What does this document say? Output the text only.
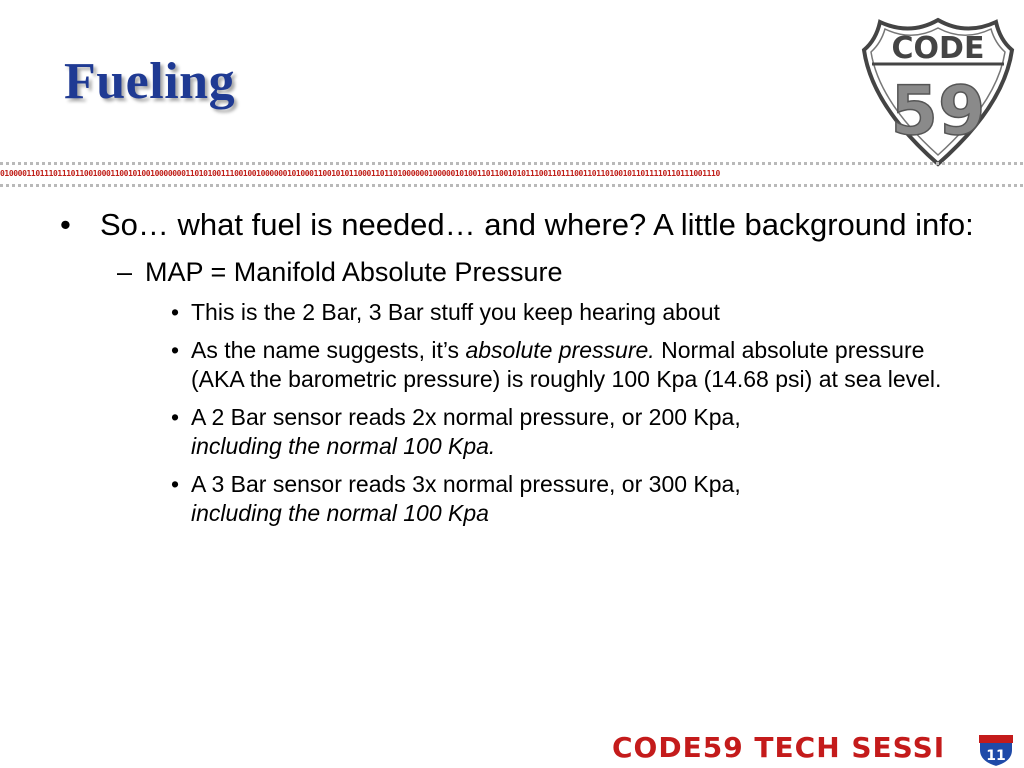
Fueling
CODE
59
0100001101110111011001000110010100100000001101010011100100100000010100011001010110001101101000000100000101001101100101011100110111001101101001011011110110111001110
• So… what fuel is needed… and where? A little background info:
– MAP = Manifold Absolute Pressure
• This is the 2 Bar, 3 Bar stuff you keep hearing about
• As the name suggests, it’s absolute pressure. Normal absolute pressure (AKA the barometric pressure) is roughly 100 Kpa (14.68 psi) at sea level.
• A 2 Bar sensor reads 2x normal pressure, or 200 Kpa,
including the normal 100 Kpa.
• A 3 Bar sensor reads 3x normal pressure, or 300 Kpa,
including the normal 100 Kpa
CODE59 TECH SESSI	11
